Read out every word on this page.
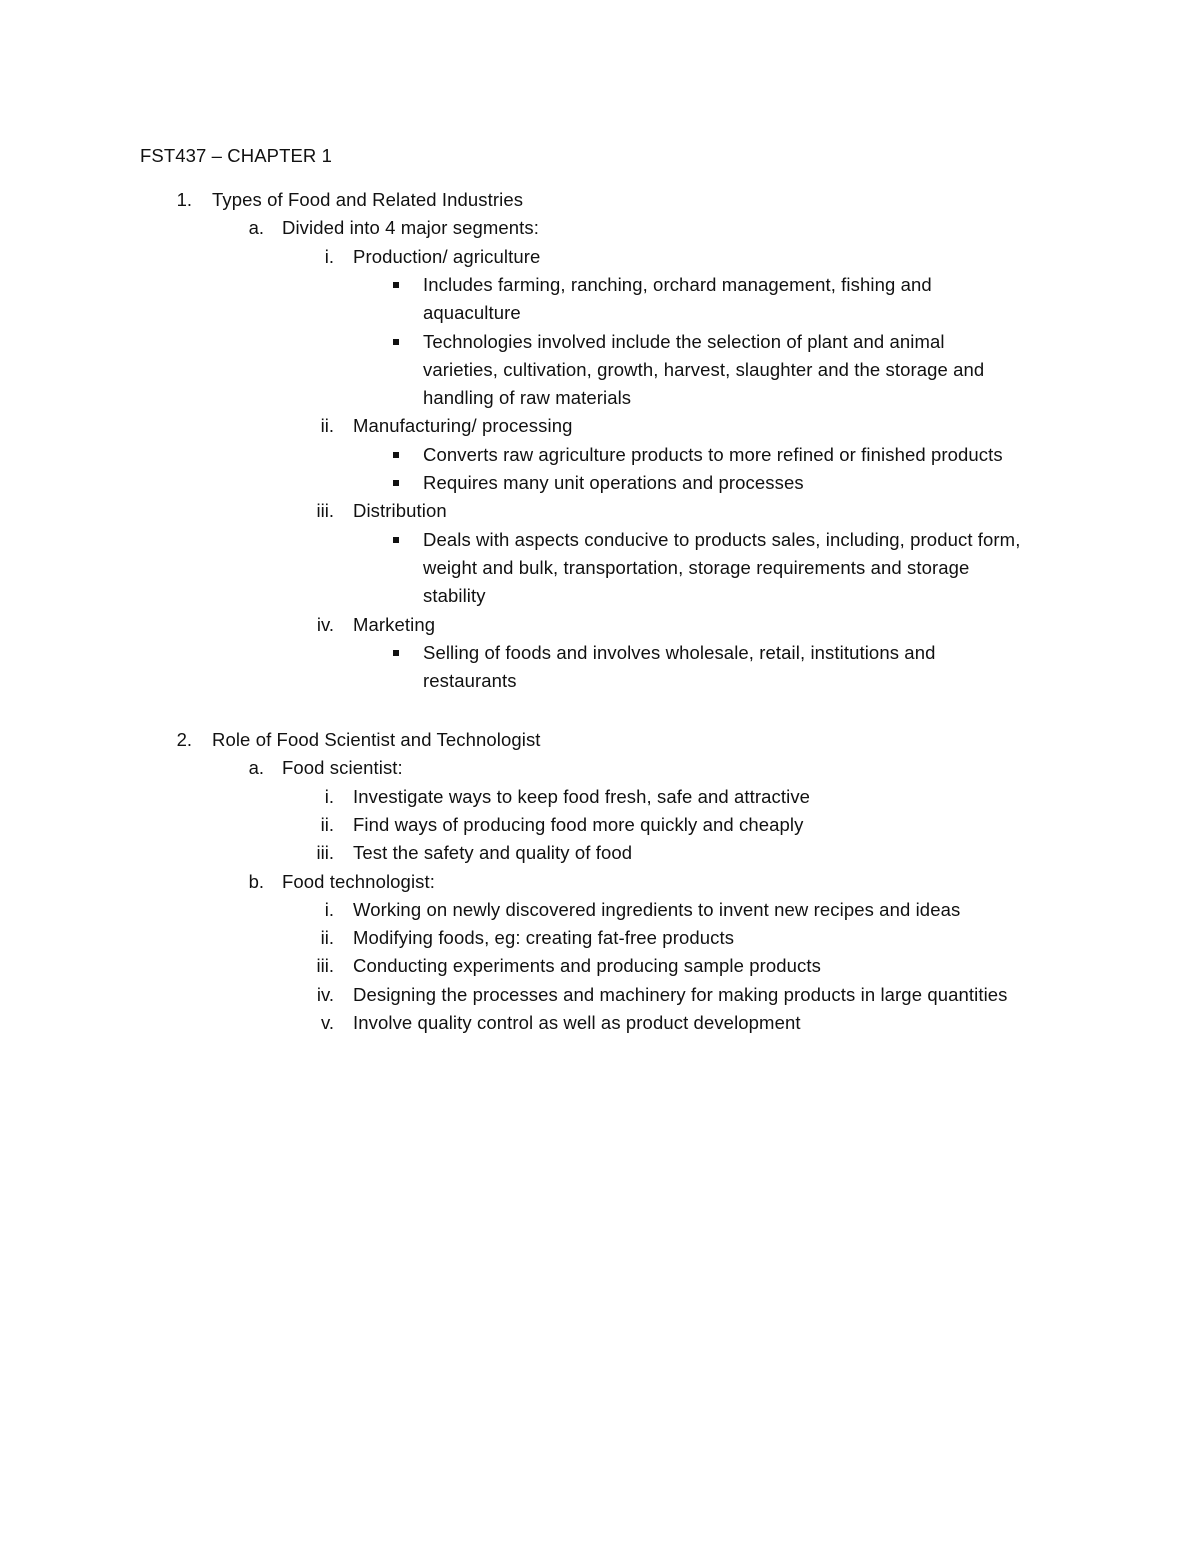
FST437 – CHAPTER 1
1. Types of Food and Related Industries
a. Divided into 4 major segments:
i. Production/ agriculture
Includes farming, ranching, orchard management, fishing and
aquaculture
Technologies involved include the selection of plant and animal
varieties, cultivation, growth, harvest, slaughter and the storage and
handling of raw materials
ii. Manufacturing/ processing
Converts raw agriculture products to more refined or finished products
Requires many unit operations and processes
iii. Distribution
Deals with aspects conducive to products sales, including, product form,
weight and bulk, transportation, storage requirements and storage
stability
iv. Marketing
Selling of foods and involves wholesale, retail, institutions and
restaurants
2. Role of Food Scientist and Technologist
a. Food scientist:
i. Investigate ways to keep food fresh, safe and attractive
ii. Find ways of producing food more quickly and cheaply
iii. Test the safety and quality of food
b. Food technologist:
i. Working on newly discovered ingredients to invent new recipes and ideas
ii. Modifying foods, eg: creating fat-free products
iii. Conducting experiments and producing sample products
iv. Designing the processes and machinery for making products in large quantities
v. Involve quality control as well as product development
